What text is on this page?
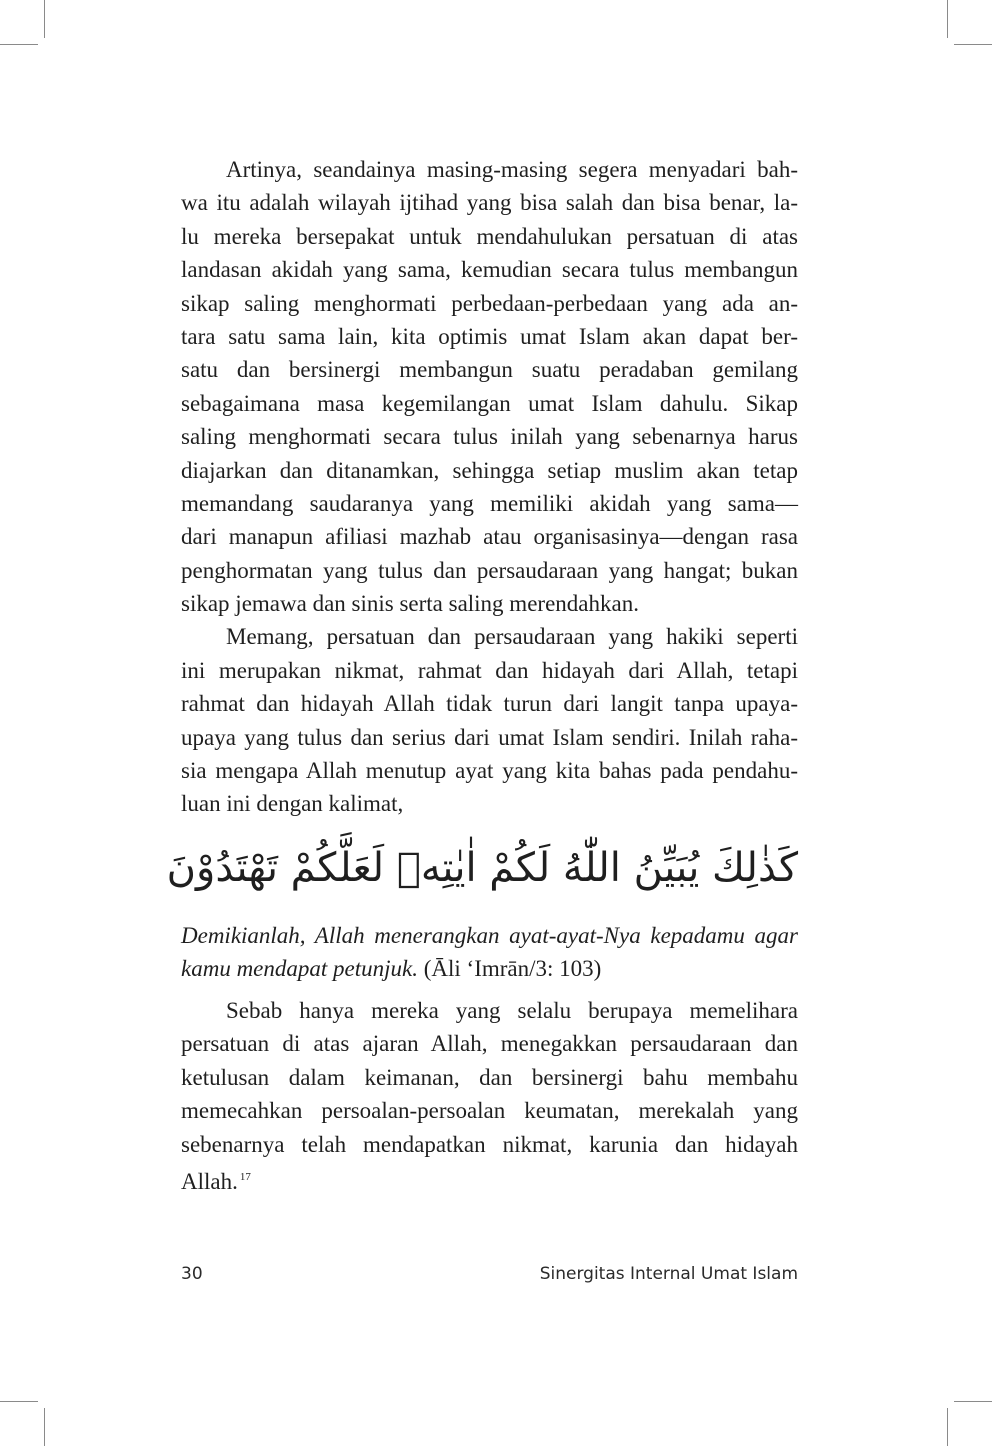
Artinya, seandainya masing-masing segera menyadari bah-
wa itu adalah wilayah ijtihad yang bisa salah dan bisa benar, la-
lu mereka bersepakat untuk mendahulukan persatuan di atas
landasan akidah yang sama, kemudian secara tulus membangun
sikap saling menghormati perbedaan-perbedaan yang ada an-
tara satu sama lain, kita optimis umat Islam akan dapat ber-
satu dan bersinergi membangun suatu peradaban gemilang
sebagaimana masa kegemilangan umat Islam dahulu. Sikap
saling menghormati secara tulus inilah yang sebenarnya harus
diajarkan dan ditanamkan, sehingga setiap muslim akan tetap
memandang saudaranya yang memiliki akidah yang sama—
dari manapun afiliasi mazhab atau organisasinya—dengan rasa
penghormatan yang tulus dan persaudaraan yang hangat; bukan
sikap jemawa dan sinis serta saling merendahkan.
Memang, persatuan dan persaudaraan yang hakiki seperti
ini merupakan nikmat, rahmat dan hidayah dari Allah, tetapi
rahmat dan hidayah Allah tidak turun dari langit tanpa upaya-
upaya yang tulus dan serius dari umat Islam sendiri. Inilah raha-
sia mengapa Allah menutup ayat yang kita bahas pada pendahu-
luan ini dengan kalimat,
كَذٰلِكَ يُبَيِّنُ اللّٰهُ لَكُمْ اٰيٰتِهٖ لَعَلَّكُمْ تَهْتَدُوْنَ
Demikianlah, Allah menerangkan ayat-ayat-Nya kepadamu agar
kamu mendapat petunjuk. (Āli ‘Imrān/3: 103)
Sebab hanya mereka yang selalu berupaya memelihara
persatuan di atas ajaran Allah, menegakkan persaudaraan dan
ketulusan dalam keimanan, dan bersinergi bahu membahu
memecahkan persoalan-persoalan keumatan, merekalah yang
sebenarnya telah mendapatkan nikmat, karunia dan hidayah
Allah. $^{17}$
30	Sinergitas Internal Umat Islam
